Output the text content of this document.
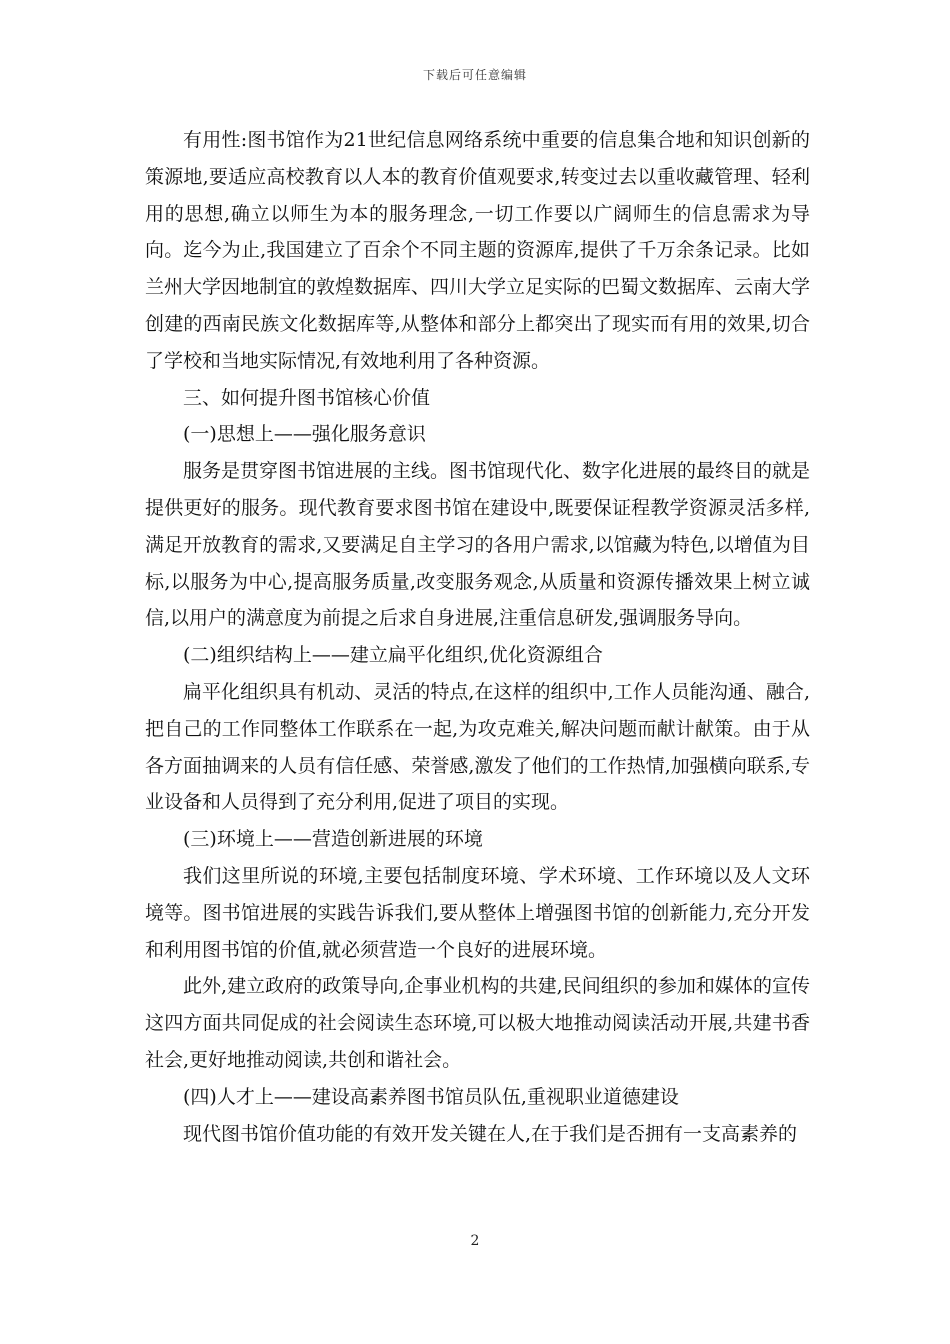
下载后可任意编辑

有用性:图书馆作为21世纪信息网络系统中重要的信息集合地和知识创新的策源地,要适应高校教育以人本的教育价值观要求,转变过去以重收藏管理、轻利用的思想,确立以师生为本的服务理念,一切工作要以广阔师生的信息需求为导向。迄今为止,我国建立了百余个不同主题的资源库,提供了千万余条记录。比如兰州大学因地制宜的敦煌数据库、四川大学立足实际的巴蜀文数据库、云南大学创建的西南民族文化数据库等,从整体和部分上都突出了现实而有用的效果,切合了学校和当地实际情况,有效地利用了各种资源。

三、如何提升图书馆核心价值

(一)思想上——强化服务意识

服务是贯穿图书馆进展的主线。图书馆现代化、数字化进展的最终目的就是提供更好的服务。现代教育要求图书馆在建设中,既要保证程教学资源灵活多样,满足开放教育的需求,又要满足自主学习的各用户需求,以馆藏为特色,以增值为目标,以服务为中心,提高服务质量,改变服务观念,从质量和资源传播效果上树立诚信,以用户的满意度为前提之后求自身进展,注重信息研发,强调服务导向。

(二)组织结构上——建立扁平化组织,优化资源组合

扁平化组织具有机动、灵活的特点,在这样的组织中,工作人员能沟通、融合,把自己的工作同整体工作联系在一起,为攻克难关,解决问题而献计献策。由于从各方面抽调来的人员有信任感、荣誉感,激发了他们的工作热情,加强横向联系,专业设备和人员得到了充分利用,促进了项目的实现。

(三)环境上——营造创新进展的环境

我们这里所说的环境,主要包括制度环境、学术环境、工作环境以及人文环境等。图书馆进展的实践告诉我们,要从整体上增强图书馆的创新能力,充分开发和利用图书馆的价值,就必须营造一个良好的进展环境。

此外,建立政府的政策导向,企事业机构的共建,民间组织的参加和媒体的宣传这四方面共同促成的社会阅读生态环境,可以极大地推动阅读活动开展,共建书香社会,更好地推动阅读,共创和谐社会。

(四)人才上——建设高素养图书馆员队伍,重视职业道德建设

现代图书馆价值功能的有效开发关键在人,在于我们是否拥有一支高素养的

2
